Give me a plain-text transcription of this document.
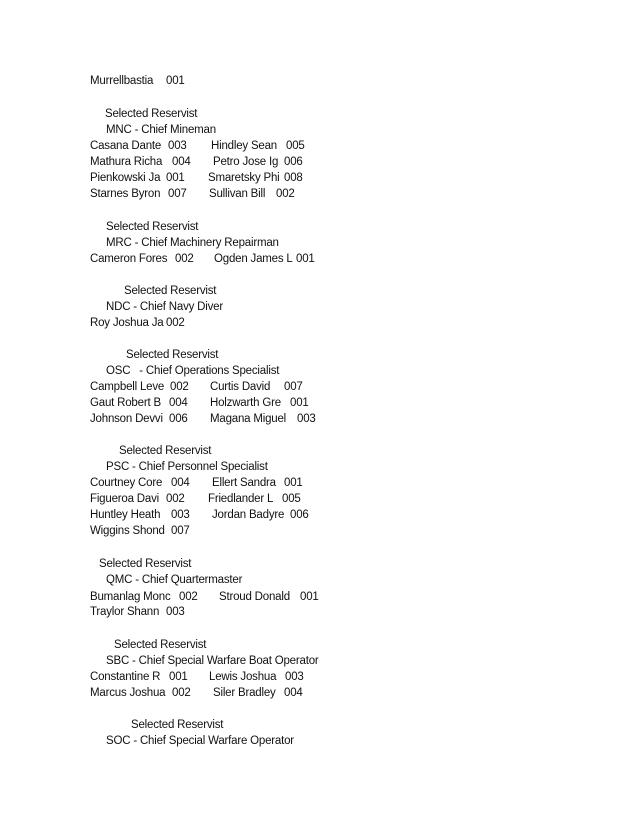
Murrellbastia 001
Selected Reservist
MNC - Chief Mineman
Casana Dante 003 Hindley Sean 005
Mathura Richa 004 Petro Jose Ig 006
Pienkowski Ja 001 Smaretsky Phi 008
Starnes Byron 007 Sullivan Bill 002
Selected Reservist
MRC - Chief Machinery Repairman
Cameron Fores 002 Ogden James L 001
Selected Reservist
NDC - Chief Navy Diver
Roy Joshua Ja 002
Selected Reservist
OSC   - Chief Operations Specialist
Campbell Leve 002 Curtis David 007
Gaut Robert B 004 Holzwarth Gre 001
Johnson Devvi 006 Magana Miguel 003
Selected Reservist
PSC - Chief Personnel Specialist
Courtney Core 004 Ellert Sandra 001
Figueroa Davi 002 Friedlander L 005
Huntley Heath 003 Jordan Badyre 006
Wiggins Shond 007
Selected Reservist
QMC - Chief Quartermaster
Bumanlag Monc 002 Stroud Donald 001
Traylor Shann 003
Selected Reservist
SBC - Chief Special Warfare Boat Operator
Constantine R 001 Lewis Joshua 003
Marcus Joshua 002 Siler Bradley 004
Selected Reservist
SOC - Chief Special Warfare Operator
